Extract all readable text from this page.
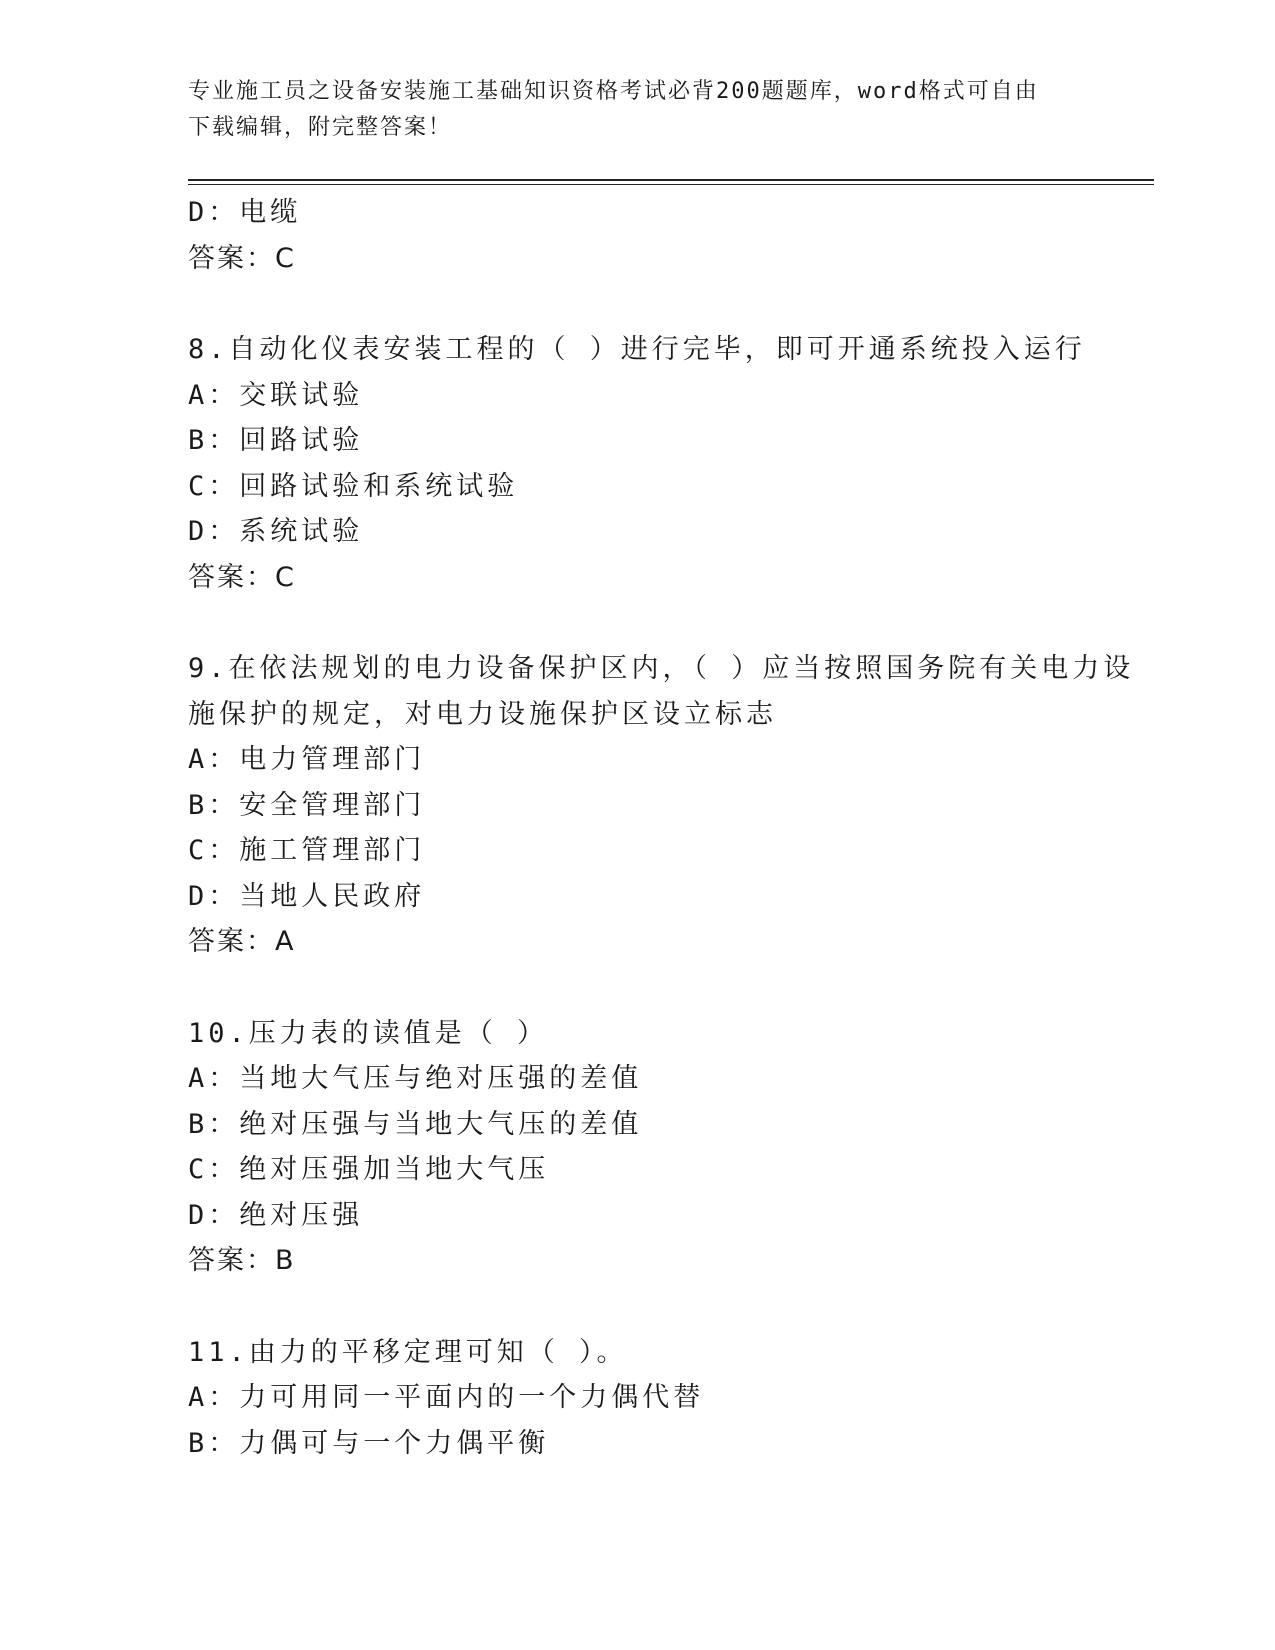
专业施工员之设备安装施工基础知识资格考试必背200题题库，word格式可自由
下载编辑，附完整答案！
D：电缆
答案：C
8.自动化仪表安装工程的（ ）进行完毕，即可开通系统投入运行
A：交联试验
B：回路试验
C：回路试验和系统试验
D：系统试验
答案：C
9.在依法规划的电力设备保护区内，（ ）应当按照国务院有关电力设
施保护的规定，对电力设施保护区设立标志
A：电力管理部门
B：安全管理部门
C：施工管理部门
D：当地人民政府
答案：A
10.压力表的读值是（ ）
A：当地大气压与绝对压强的差值
B：绝对压强与当地大气压的差值
C：绝对压强加当地大气压
D：绝对压强
答案：B
11.由力的平移定理可知（ ）。
A：力可用同一平面内的一个力偶代替
B：力偶可与一个力偶平衡
